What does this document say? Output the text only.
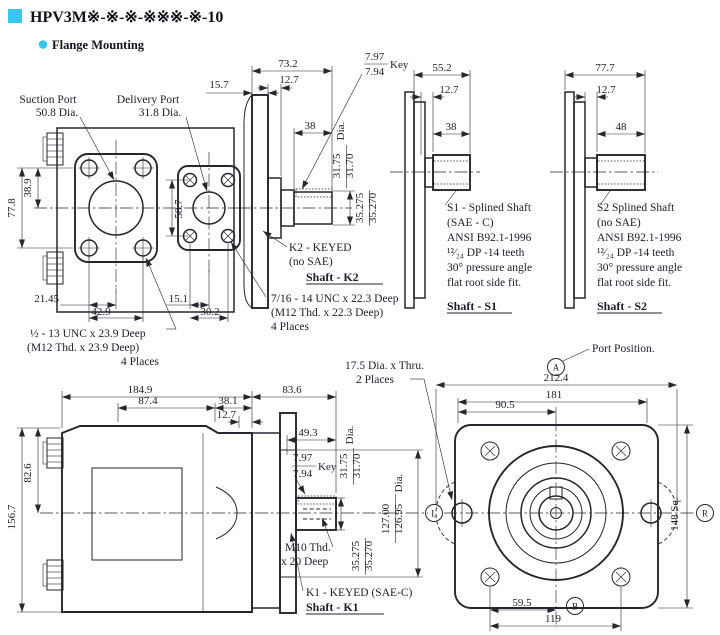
HPV3M※-※-※-※※※-※-10
Flange Mounting
Suction Port
50.8 Dia.
Delivery Port
31.8 Dia.
77.8
38.9
58.7
21.45
42.9
15.1
30.2
½ - 13 UNC x 23.9 Deep
(M12 Thd. x 23.9 Deep)
4 Places
73.2
12.7
15.7
38
7.97
7.94
Key
Dia.
31.75 31.70
35.275 35.270
K2 - KEYED
(no SAE)
Shaft - K2
7/16 - 14 UNC x 22.3 Deep
(M12 Thd. x 22.3 Deep)
4 Places
55.2
12.7
38
S1 - Splined Shaft
(SAE - C)
ANSI B92.1-1996
¹²⁄₂₄ DP -14 teeth
30° pressure angle
flat root side fit.
Shaft - S1
77.7
12.7
48
S2 Splined Shaft
(no SAE)
ANSI B92.1-1996
¹²⁄₂₄ DP -14 teeth
30° pressure angle
flat root side fit.
Shaft - S2
184.9	83.6
87.4	38.1
12.7
49.3
156.7
82.6
7.97
7.94
Key
Dia.
31.75 31.70
Dia.
127.00 126.95
35.275 35.270
M10 Thd.
x 20 Deep
17.5 Dia. x Thru.
2 Places
K1 - KEYED (SAE-C)
Shaft - K1
Port Position.
A
L	R
B
212.4
181
90.5
148 Sq.
59.5
119
